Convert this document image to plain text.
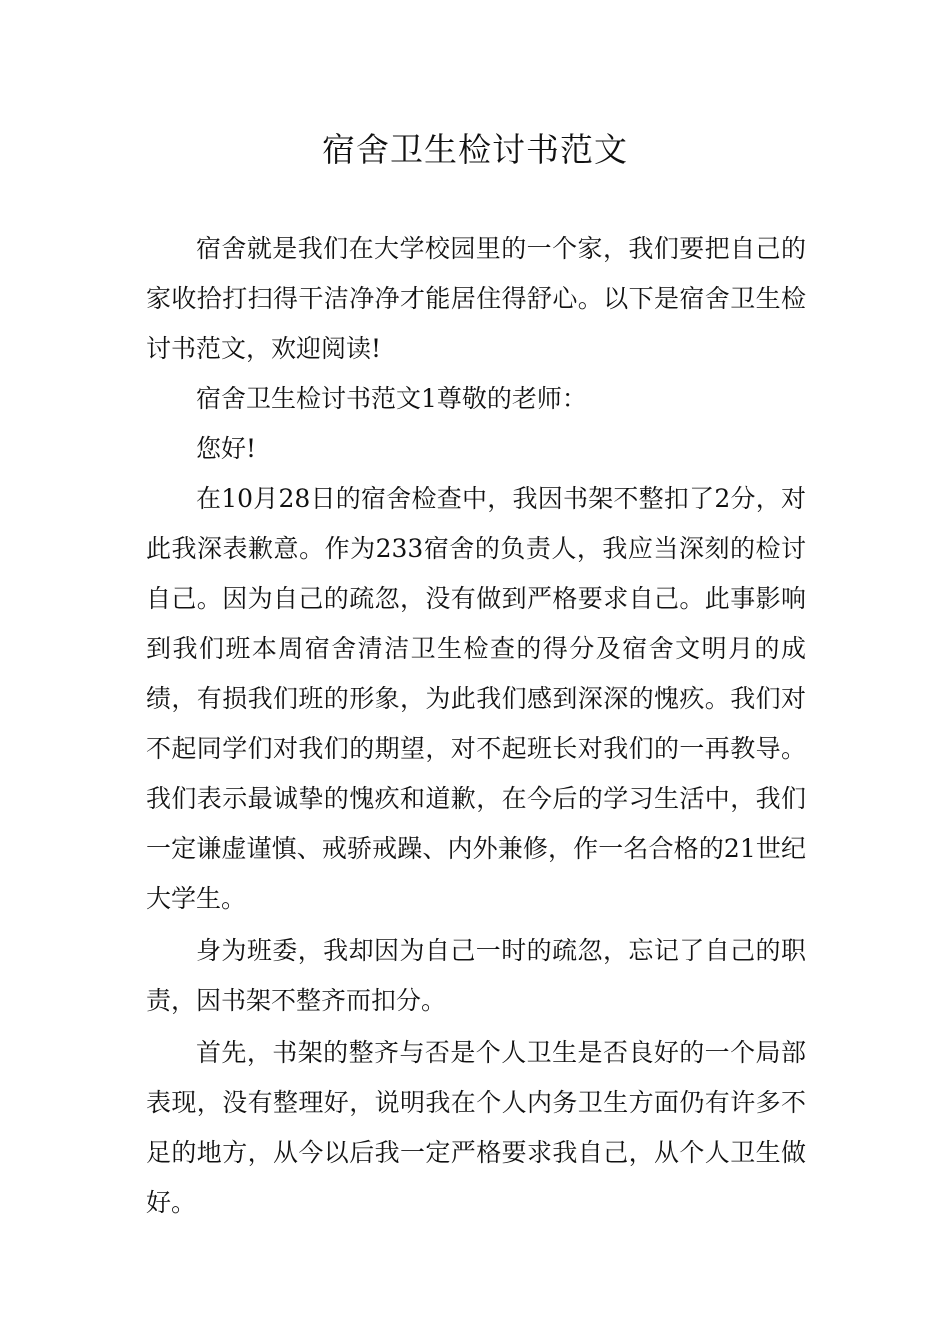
宿舍卫生检讨书范文

宿舍就是我们在大学校园里的一个家，我们要把自己的家收拾打扫得干洁净净才能居住得舒心。以下是宿舍卫生检讨书范文，欢迎阅读!

宿舍卫生检讨书范文1尊敬的老师：

您好!

在10月28日的宿舍检查中，我因书架不整扣了2分，对此我深表歉意。作为233宿舍的负责人，我应当深刻的检讨自己。因为自己的疏忽，没有做到严格要求自己。此事影响到我们班本周宿舍清洁卫生检查的得分及宿舍文明月的成绩，有损我们班的形象，为此我们感到深深的愧疚。我们对不起同学们对我们的期望，对不起班长对我们的一再教导。我们表示最诚挚的愧疚和道歉，在今后的学习生活中，我们一定谦虚谨慎、戒骄戒躁、内外兼修，作一名合格的21世纪大学生。

身为班委，我却因为自己一时的疏忽，忘记了自己的职责，因书架不整齐而扣分。

首先，书架的整齐与否是个人卫生是否良好的一个局部表现，没有整理好，说明我在个人内务卫生方面仍有许多不足的地方，从今以后我一定严格要求我自己，从个人卫生做好。
